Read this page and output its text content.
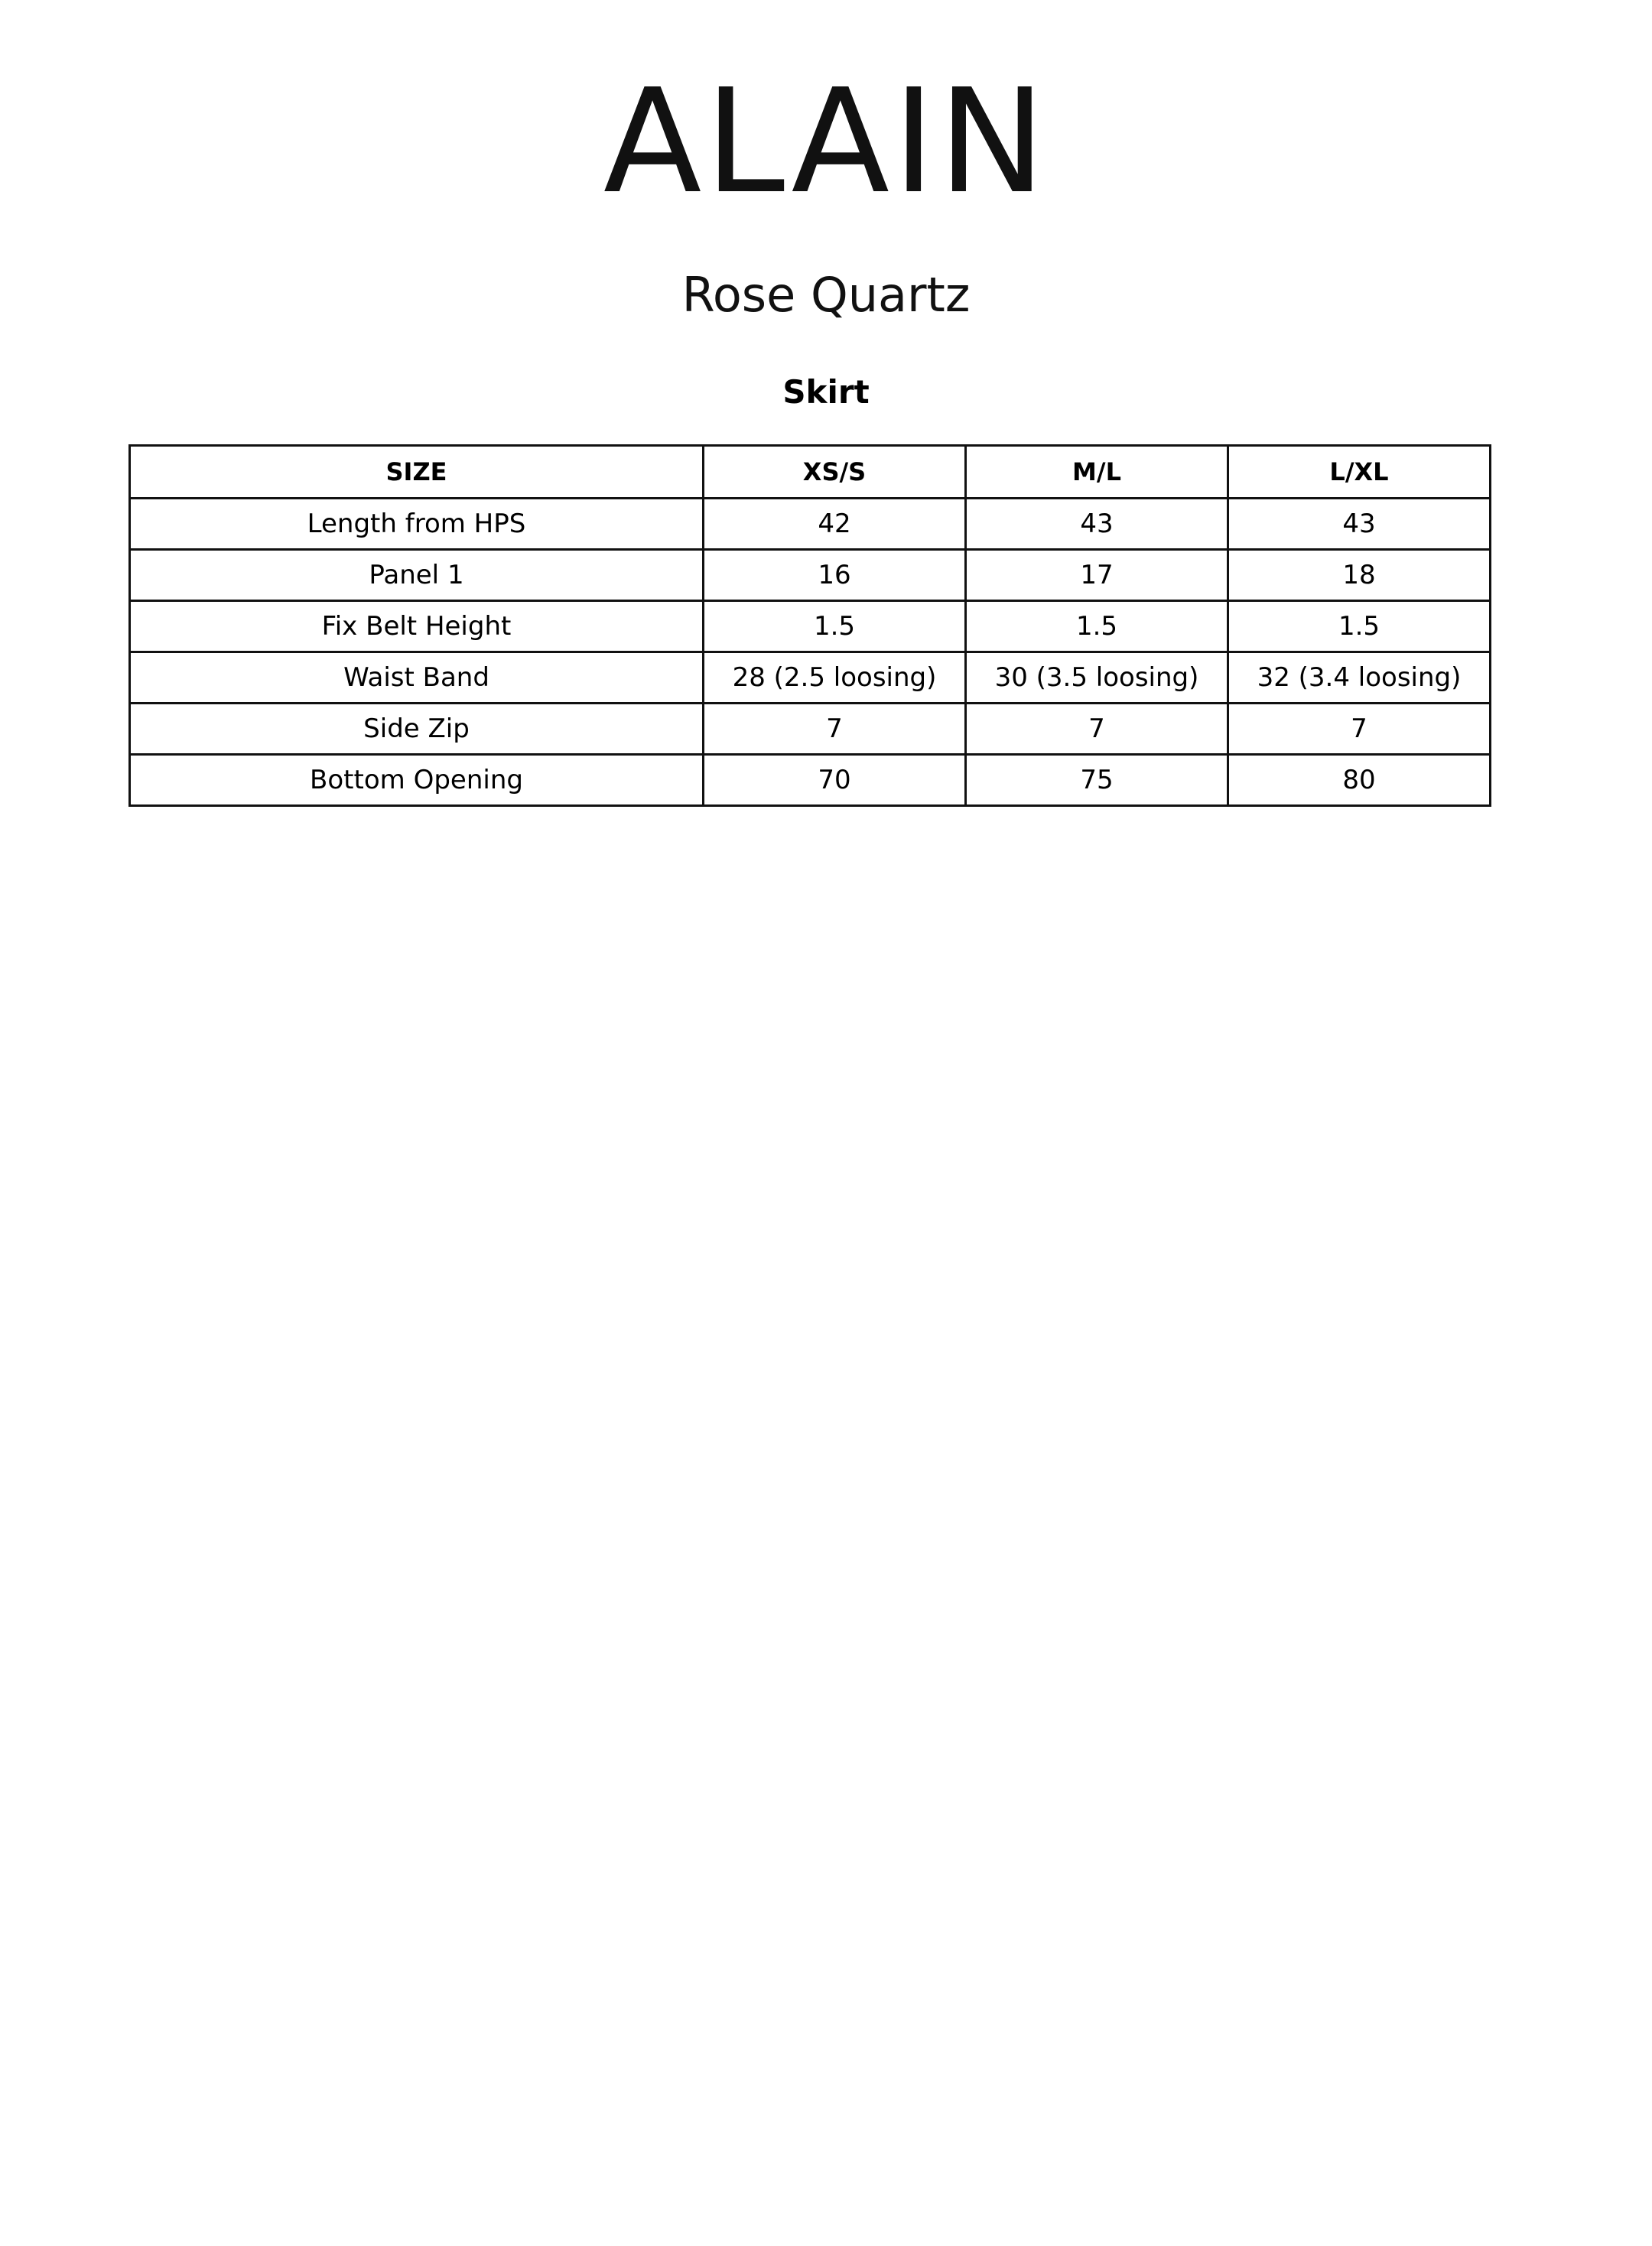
ALAIN
Rose Quartz
Skirt
SIZE	XS/S	M/L	L/XL
Length from HPS	42	43	43
Panel 1	16	17	18
Fix Belt Height	1.5	1.5	1.5
Waist Band	28 (2.5 loosing)	30 (3.5 loosing)	32 (3.4 loosing)
Side Zip	7	7	7
Bottom Opening	70	75	80
